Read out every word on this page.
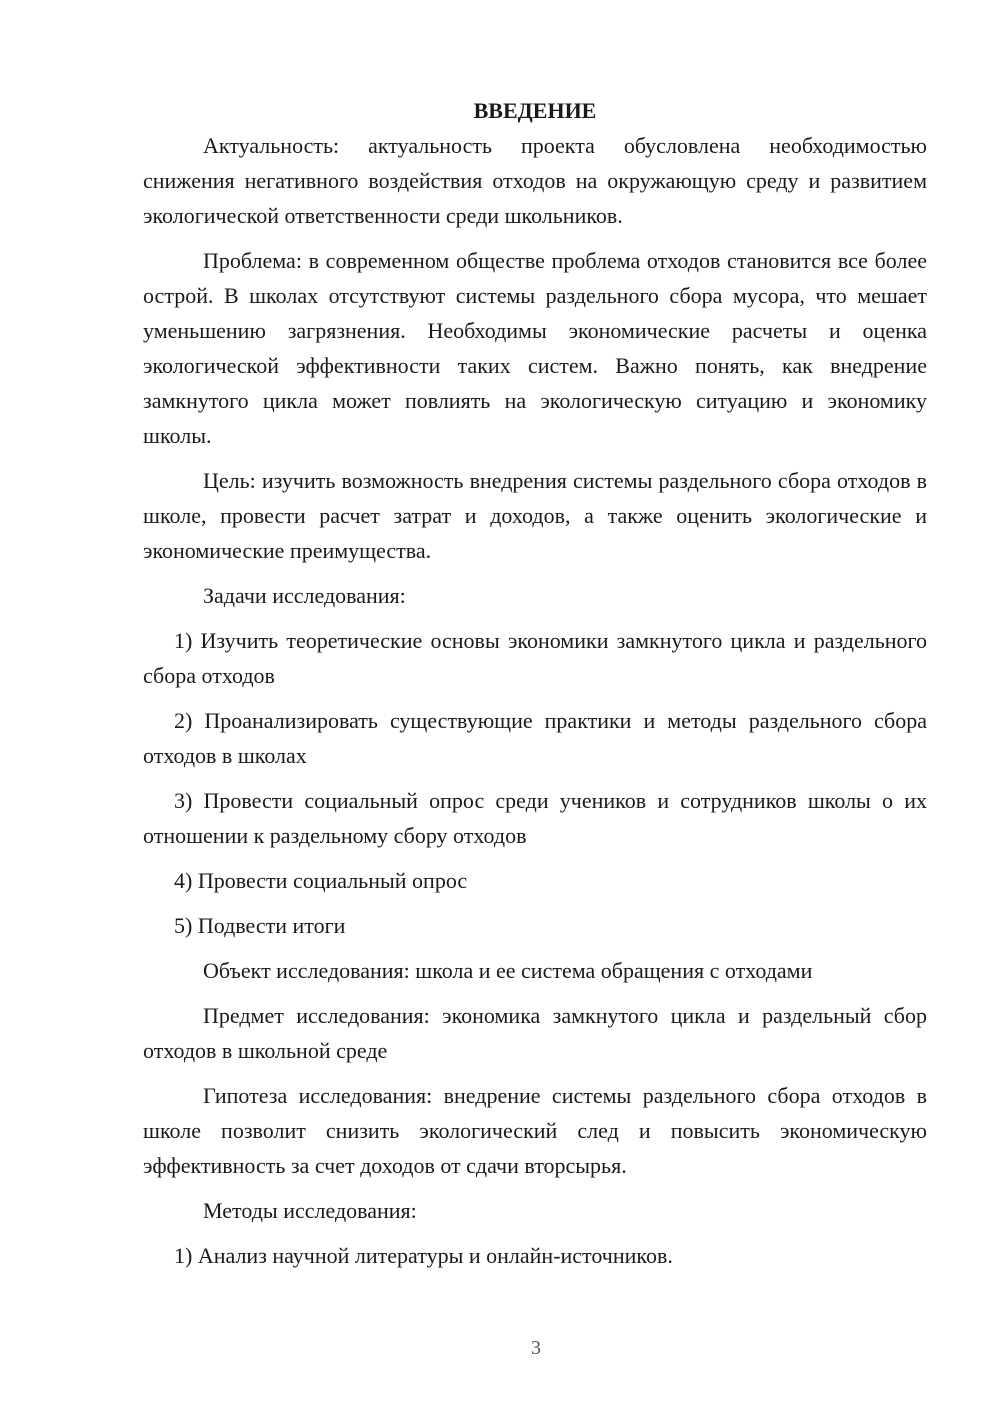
ВВЕДЕНИЕ

Актуальность: актуальность проекта обусловлена необходимостью снижения негативного воздействия отходов на окружающую среду и развитием экологической ответственности среди школьников.

Проблема: в современном обществе проблема отходов становится все более острой. В школах отсутствуют системы раздельного сбора мусора, что мешает уменьшению загрязнения. Необходимы экономические расчеты и оценка экологической эффективности таких систем. Важно понять, как внедрение замкнутого цикла может повлиять на экологическую ситуацию и экономику школы.

Цель: изучить возможность внедрения системы раздельного сбора отходов в школе, провести расчет затрат и доходов, а также оценить экологические и экономические преимущества.

Задачи исследования:

1) Изучить теоретические основы экономики замкнутого цикла и раздельного сбора отходов

2) Проанализировать существующие практики и методы раздельного сбора отходов в школах

3) Провести социальный опрос среди учеников и сотрудников школы о их отношении к раздельному сбору отходов

4) Провести социальный опрос

5) Подвести итоги

Объект исследования: школа и ее система обращения с отходами

Предмет исследования: экономика замкнутого цикла и раздельный сбор отходов в школьной среде

Гипотеза исследования: внедрение системы раздельного сбора отходов в школе позволит снизить экологический след и повысить экономическую эффективность за счет доходов от сдачи вторсырья.

Методы исследования:

1) Анализ научной литературы и онлайн-источников.

3
